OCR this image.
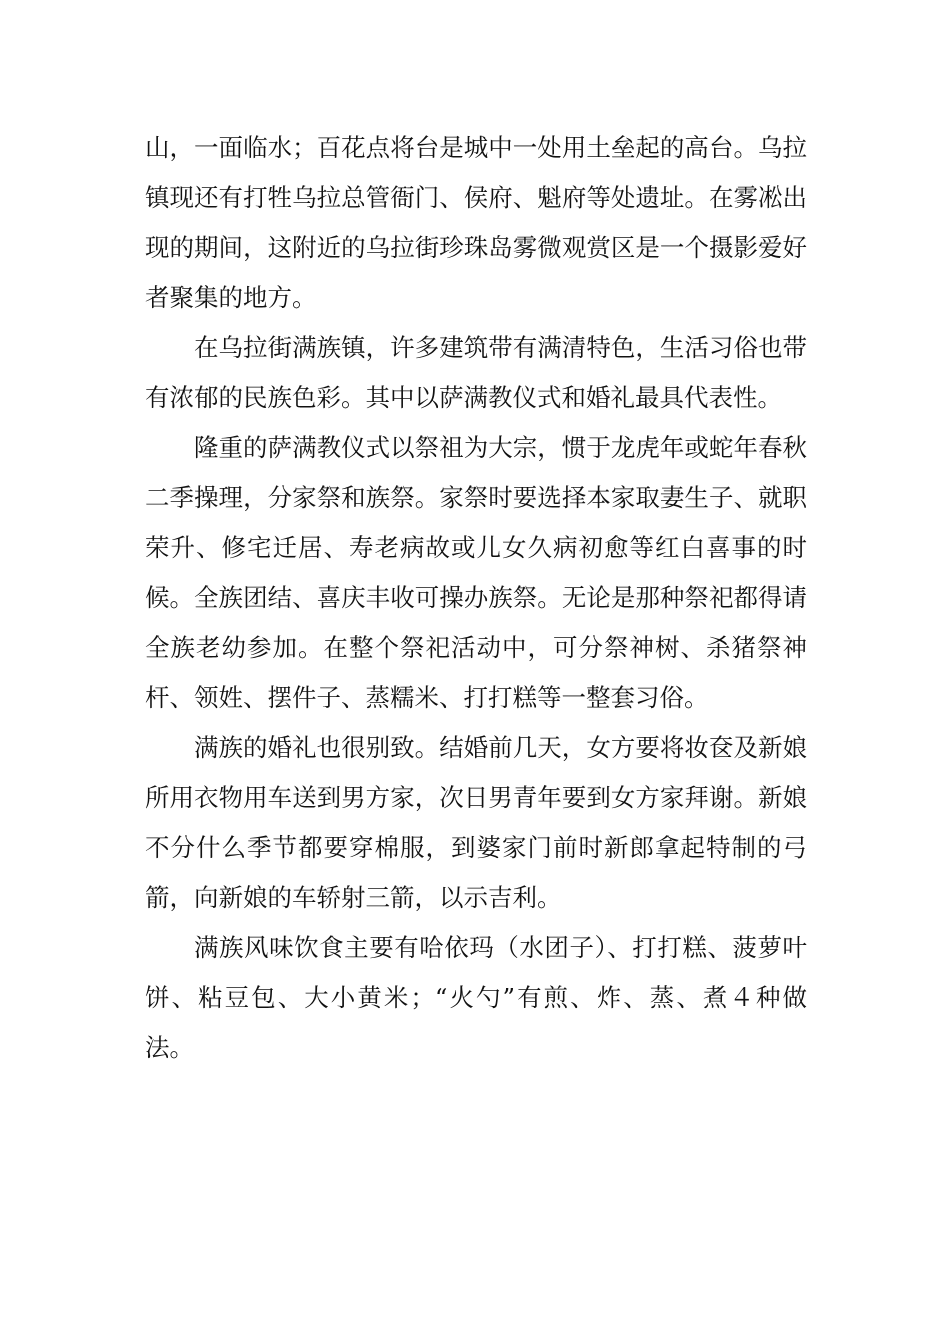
山，一面临水；百花点将台是城中一处用土垒起的高台。乌拉镇现还有打牲乌拉总管衙门、侯府、魁府等处遗址。在雾凇出现的期间，这附近的乌拉街珍珠岛雾微观赏区是一个摄影爱好者聚集的地方。

在乌拉街满族镇，许多建筑带有满清特色，生活习俗也带有浓郁的民族色彩。其中以萨满教仪式和婚礼最具代表性。

隆重的萨满教仪式以祭祖为大宗，惯于龙虎年或蛇年春秋二季操理，分家祭和族祭。家祭时要选择本家取妻生子、就职荣升、修宅迁居、寿老病故或儿女久病初愈等红白喜事的时候。全族团结、喜庆丰收可操办族祭。无论是那种祭祀都得请全族老幼参加。在整个祭祀活动中，可分祭神树、杀猪祭神杆、领姓、摆件子、蒸糯米、打打糕等一整套习俗。

满族的婚礼也很别致。结婚前几天，女方要将妆奁及新娘所用衣物用车送到男方家，次日男青年要到女方家拜谢。新娘不分什么季节都要穿棉服，到婆家门前时新郎拿起特制的弓箭，向新娘的车轿射三箭，以示吉利。

满族风味饮食主要有哈依玛（水团子）、打打糕、菠萝叶饼、粘豆包、大小黄米；“火勺”有煎、炸、蒸、煮４种做法。
